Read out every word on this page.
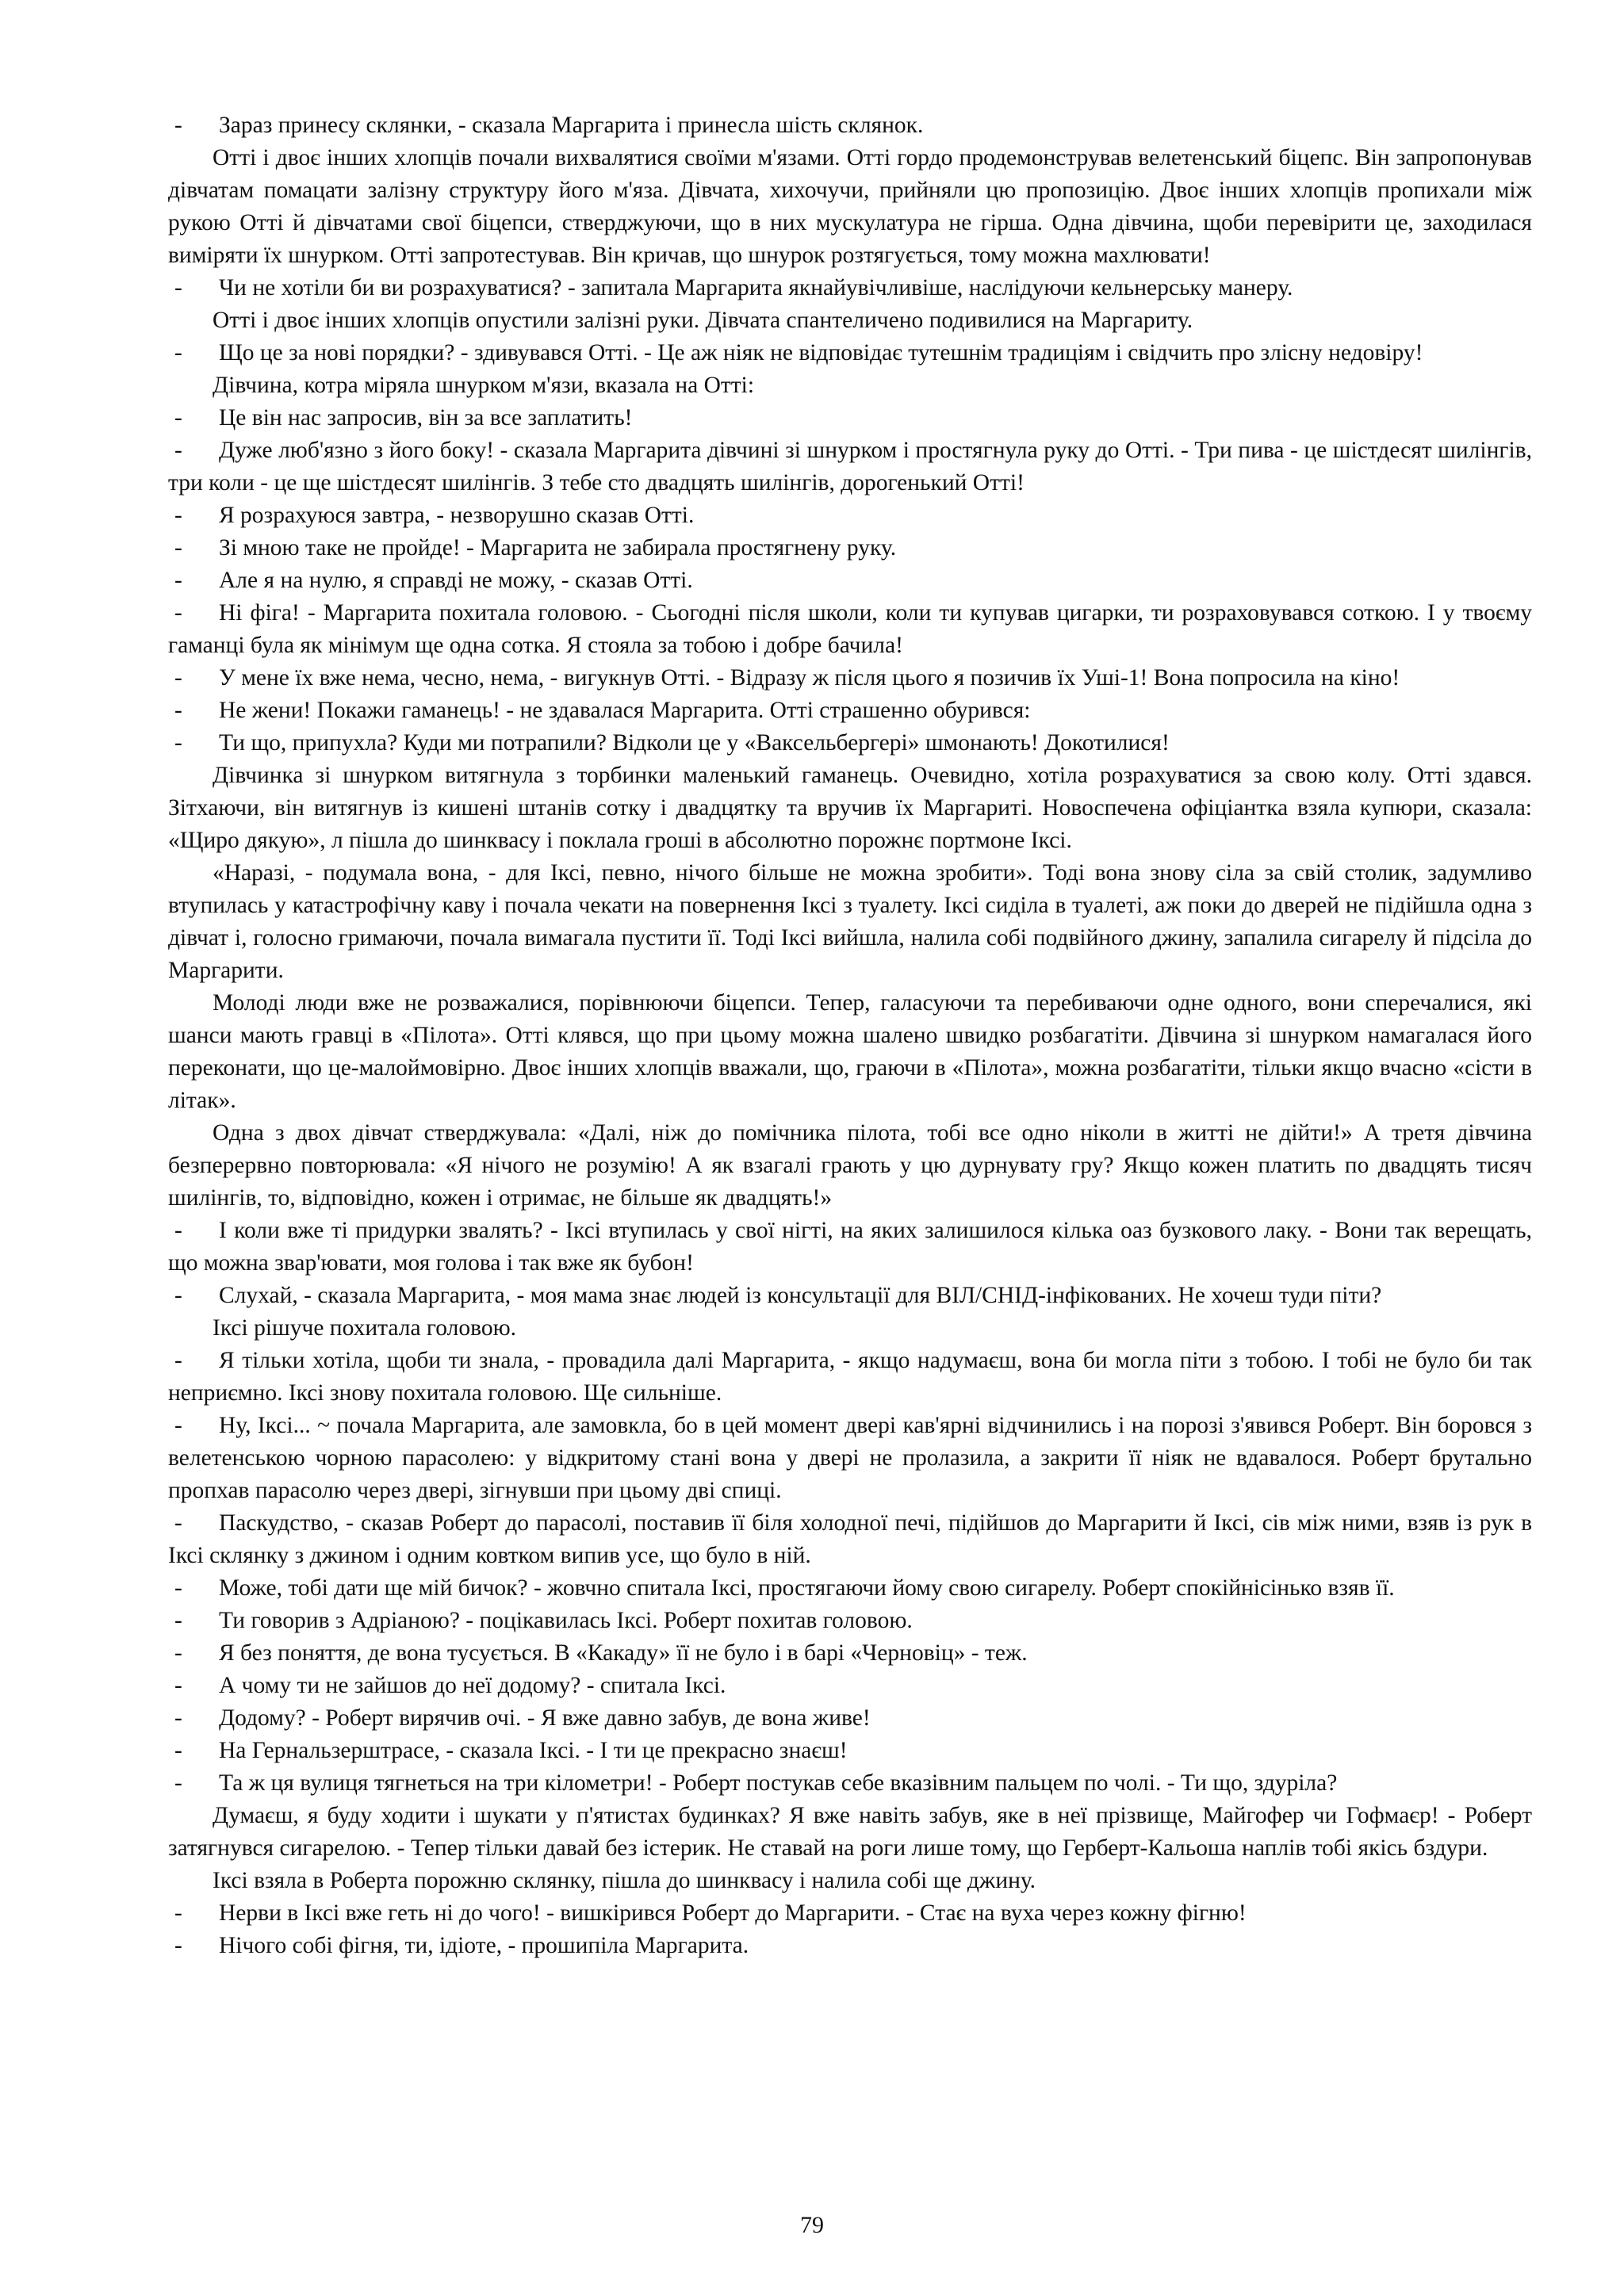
- Зараз принесу склянки, - сказала Маргарита і принесла шість склянок.

Отті і двоє інших хлопців почали вихвалятися своїми м'язами. Отті гордо продемонстрував велетенський біцепс. Він запропонував дівчатам помацати залізну структуру його м'яза. Дівчата, хихочучи, прийняли цю пропозицію. Двоє інших хлопців пропихали між рукою Отті й дівчатами свої біцепси, стверджуючи, що в них мускулатура не гірша. Одна дівчина, щоби перевірити це, заходилася виміряти їх шнурком. Отті запротестував. Він кричав, що шнурок розтягується, тому можна махлювати!

- Чи не хотіли би ви розрахуватися? - запитала Маргарита якнайувічливіше, наслідуючи кельнерську манеру.

Отті і двоє інших хлопців опустили залізні руки. Дівчата спантеличено подивилися на Маргариту.

- Що це за нові порядки? - здивувався Отті. - Це аж ніяк не відповідає тутешнім традиціям і свідчить про злісну недовіру!

Дівчина, котра міряла шнурком м'язи, вказала на Отті:

- Це він нас запросив, він за все заплатить!

- Дуже люб'язно з його боку! - сказала Маргарита дівчині зі шнурком і простягнула руку до Отті. - Три пива - це шістдесят шилінгів, три коли - це ще шістдесят шилінгів. З тебе сто двадцять шилінгів, дорогенький Отті!

- Я розрахуюся завтра, - незворушно сказав Отті.

- Зі мною таке не пройде! - Маргарита не забирала простягнену руку.

- Але я на нулю, я справді не можу, - сказав Отті.

- Ні фіга! - Маргарита похитала головою. - Сьогодні після школи, коли ти купував цигарки, ти розраховувався соткою. І у твоєму гаманці була як мінімум ще одна сотка. Я стояла за тобою і добре бачила!

- У мене їх вже нема, чесно, нема, - вигукнув Отті. - Відразу ж після цього я позичив їх Уші-1! Вона попросила на кіно!

- Не жени! Покажи гаманець! - не здавалася Маргарита. Отті страшенно обурився:

- Ти що, припухла? Куди ми потрапили? Відколи це у «Ваксельбергері» шмонають! Докотилися!

Дівчинка зі шнурком витягнула з торбинки маленький гаманець. Очевидно, хотіла розрахуватися за свою колу. Отті здався. Зітхаючи, він витягнув із кишені штанів сотку і двадцятку та вручив їх Маргариті. Новоспечена офіціантка взяла купюри, сказала: «Щиро дякую», л пішла до шинквасу і поклала гроші в абсолютно порожнє портмоне Іксі.

«Наразі, - подумала вона, - для Іксі, певно, нічого більше не можна зробити». Тоді вона знову сіла за свій столик, задумливо втупилась у катастрофічну каву і почала чекати на повернення Іксі з туалету. Іксі сиділа в туалеті, аж поки до дверей не підійшла одна з дівчат і, голосно гримаючи, почала вимагала пустити її. Тоді Іксі вийшла, налила собі подвійного джину, запалила сигарелу й підсіла до Маргарити.

Молоді люди вже не розважалися, порівнюючи біцепси. Тепер, галасуючи та перебиваючи одне одного, вони сперечалися, які шанси мають гравці в «Пілота». Отті клявся, що при цьому можна шалено швидко розбагатіти. Дівчина зі шнурком намагалася його переконати, що це-малоймовірно. Двоє інших хлопців вважали, що, граючи в «Пілота», можна розбагатіти, тільки якщо вчасно «сісти в літак».

Одна з двох дівчат стверджувала: «Далі, ніж до помічника пілота, тобі все одно ніколи в житті не дійти!» А третя дівчина безперервно повторювала: «Я нічого не розумію! А як взагалі грають у цю дурнувату гру? Якщо кожен платить по двадцять тисяч шилінгів, то, відповідно, кожен і отримає, не більше як двадцять!»

- І коли вже ті придурки звалять? - Іксі втупилась у свої нігті, на яких залишилося кілька оаз бузкового лаку. - Вони так верещать, що можна звар'ювати, моя голова і так вже як бубон!

- Слухай, - сказала Маргарита, - моя мама знає людей із консультації для ВІЛ/СНІД-інфікованих. Не хочеш туди піти?

Іксі рішуче похитала головою.

- Я тільки хотіла, щоби ти знала, - провадила далі Маргарита, - якщо надумаєш, вона би могла піти з тобою. І тобі не було би так неприємно. Іксі знову похитала головою. Ще сильніше.

- Ну, Іксі... ~ почала Маргарита, але замовкла, бо в цей момент двері кав'ярні відчинились і на порозі з'явився Роберт. Він боровся з велетенською чорною парасолею: у відкритому стані вона у двері не пролазила, а закрити її ніяк не вдавалося. Роберт брутально пропхав парасолю через двері, зігнувши при цьому дві спиці.

- Паскудство, - сказав Роберт до парасолі, поставив її біля холодної печі, підійшов до Маргарити й Іксі, сів між ними, взяв із рук в Іксі склянку з джином і одним ковтком випив усе, що було в ній.

- Може, тобі дати ще мій бичок? - жовчно спитала Іксі, простягаючи йому свою сигарелу. Роберт спокійнісінько взяв її.

- Ти говорив з Адріаною? - поцікавилась Іксі. Роберт похитав головою.

- Я без поняття, де вона тусується. В «Какаду» її не було і в барі «Черновіц» - теж.

- А чому ти не зайшов до неї додому? - спитала Іксі.

- Додому? - Роберт вирячив очі. - Я вже давно забув, де вона живе!

- На Гернальзерштрасе, - сказала Іксі. - І ти це прекрасно знаєш!

- Та ж ця вулиця тягнеться на три кілометри! - Роберт постукав себе вказівним пальцем по чолі. - Ти що, здуріла?

Думаєш, я буду ходити і шукати у п'ятистах будинках? Я вже навіть забув, яке в неї прізвище, Майгофер чи Гофмаєр! - Роберт затягнувся сигарелою. - Тепер тільки давай без істерик. Не ставай на роги лише тому, що Герберт-Кальоша наплів тобі якісь бздури.

Іксі взяла в Роберта порожню склянку, пішла до шинквасу і налила собі ще джину.

- Нерви в Іксі вже геть ні до чого! - вишкірився Роберт до Маргарити. - Стає на вуха через кожну фігню!

- Нічого собі фігня, ти, ідіоте, - прошипіла Маргарита.

79
